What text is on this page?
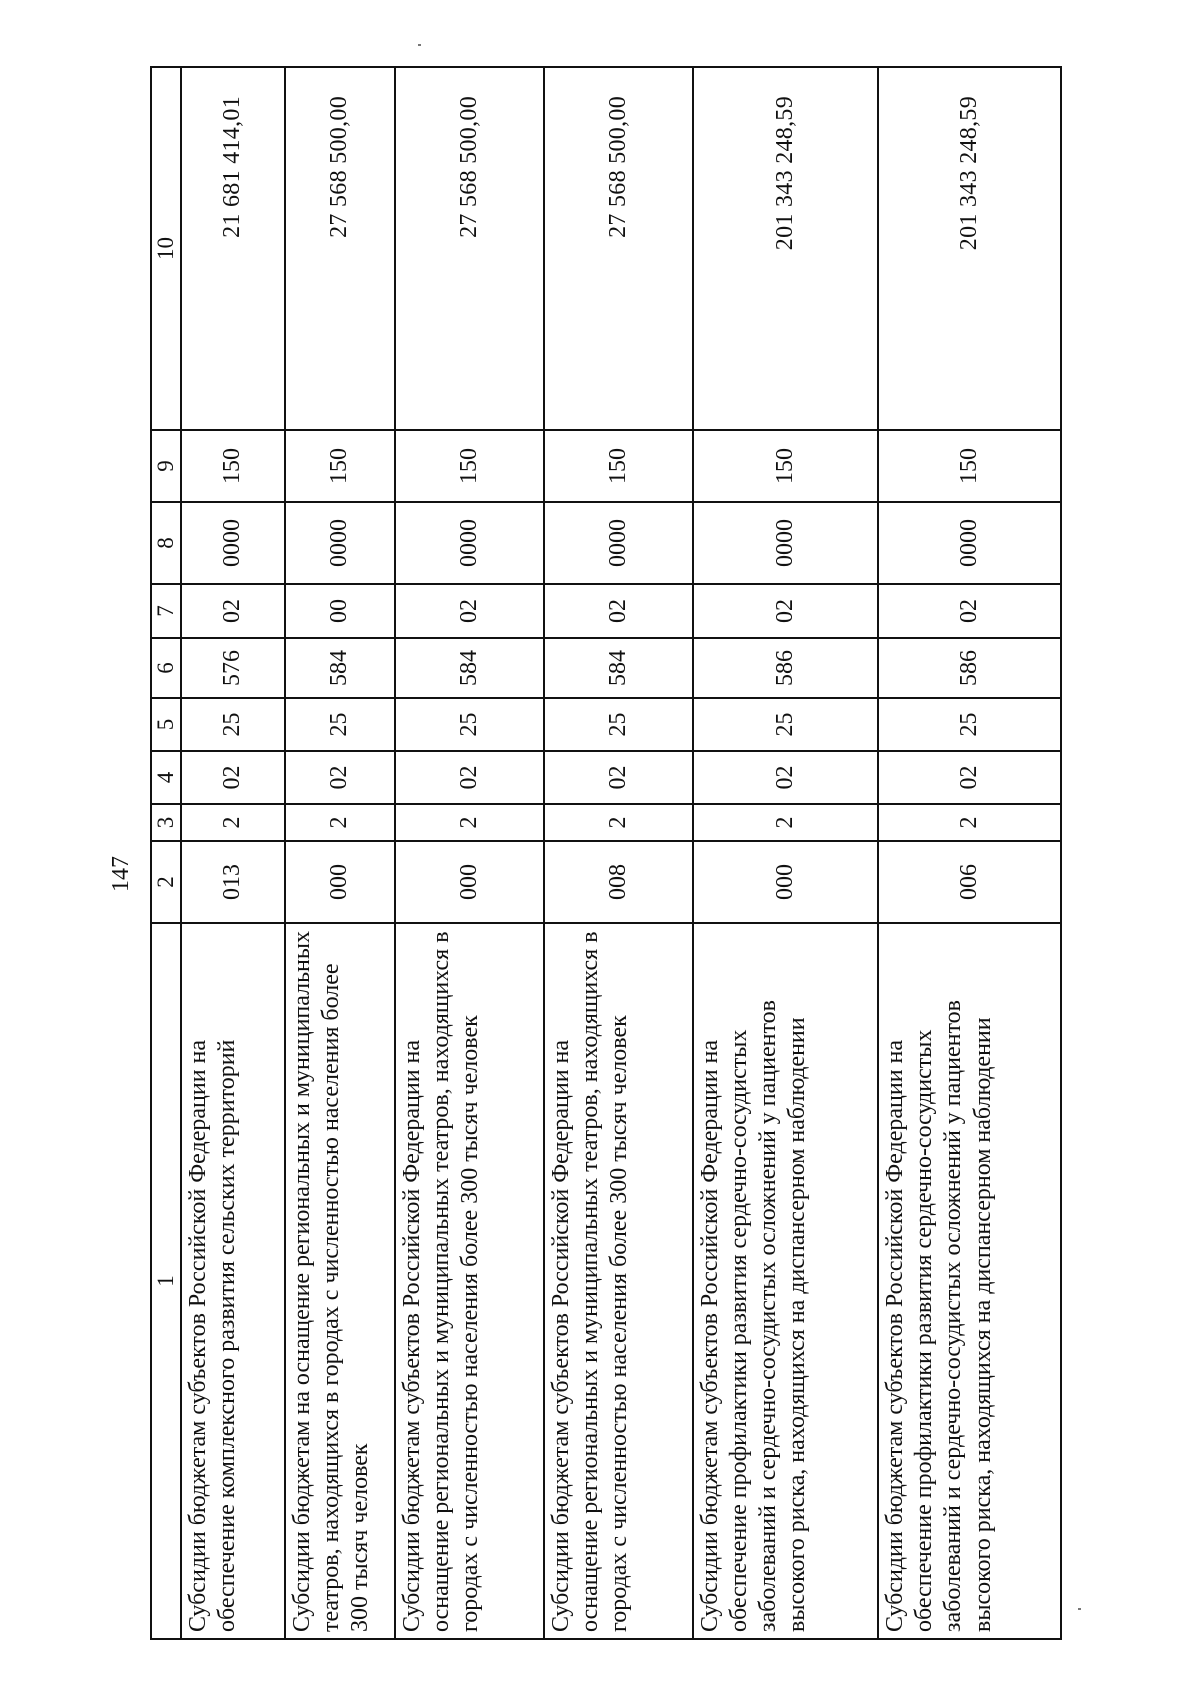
147
1	2	3	4	5	6	7	8	9	10
Субсидии бюджетам субъектов Российской Федерации на обеспечение комплексного развития сельских территорий	013	2	02	25	576	02	0000	150	21 681 414,01
Субсидии бюджетам на оснащение региональных и муниципальных театров, находящихся в городах с численностью населения более 300 тысяч человек	000	2	02	25	584	00	0000	150	27 568 500,00
Субсидии бюджетам субъектов Российской Федерации на оснащение региональных и муниципальных театров, находящихся в городах с численностью населения более 300 тысяч человек	000	2	02	25	584	02	0000	150	27 568 500,00
Субсидии бюджетам субъектов Российской Федерации на оснащение региональных и муниципальных театров, находящихся в городах с численностью населения более 300 тысяч человек	008	2	02	25	584	02	0000	150	27 568 500,00
Субсидии бюджетам субъектов Российской Федерации на обеспечение профилактики развития сердечно-сосудистых заболеваний и сердечно-сосудистых осложнений у пациентов высокого риска, находящихся на диспансерном наблюдении	000	2	02	25	586	02	0000	150	201 343 248,59
Субсидии бюджетам субъектов Российской Федерации на обеспечение профилактики развития сердечно-сосудистых заболеваний и сердечно-сосудистых осложнений у пациентов высокого риска, находящихся на диспансерном наблюдении	006	2	02	25	586	02	0000	150	201 343 248,59
